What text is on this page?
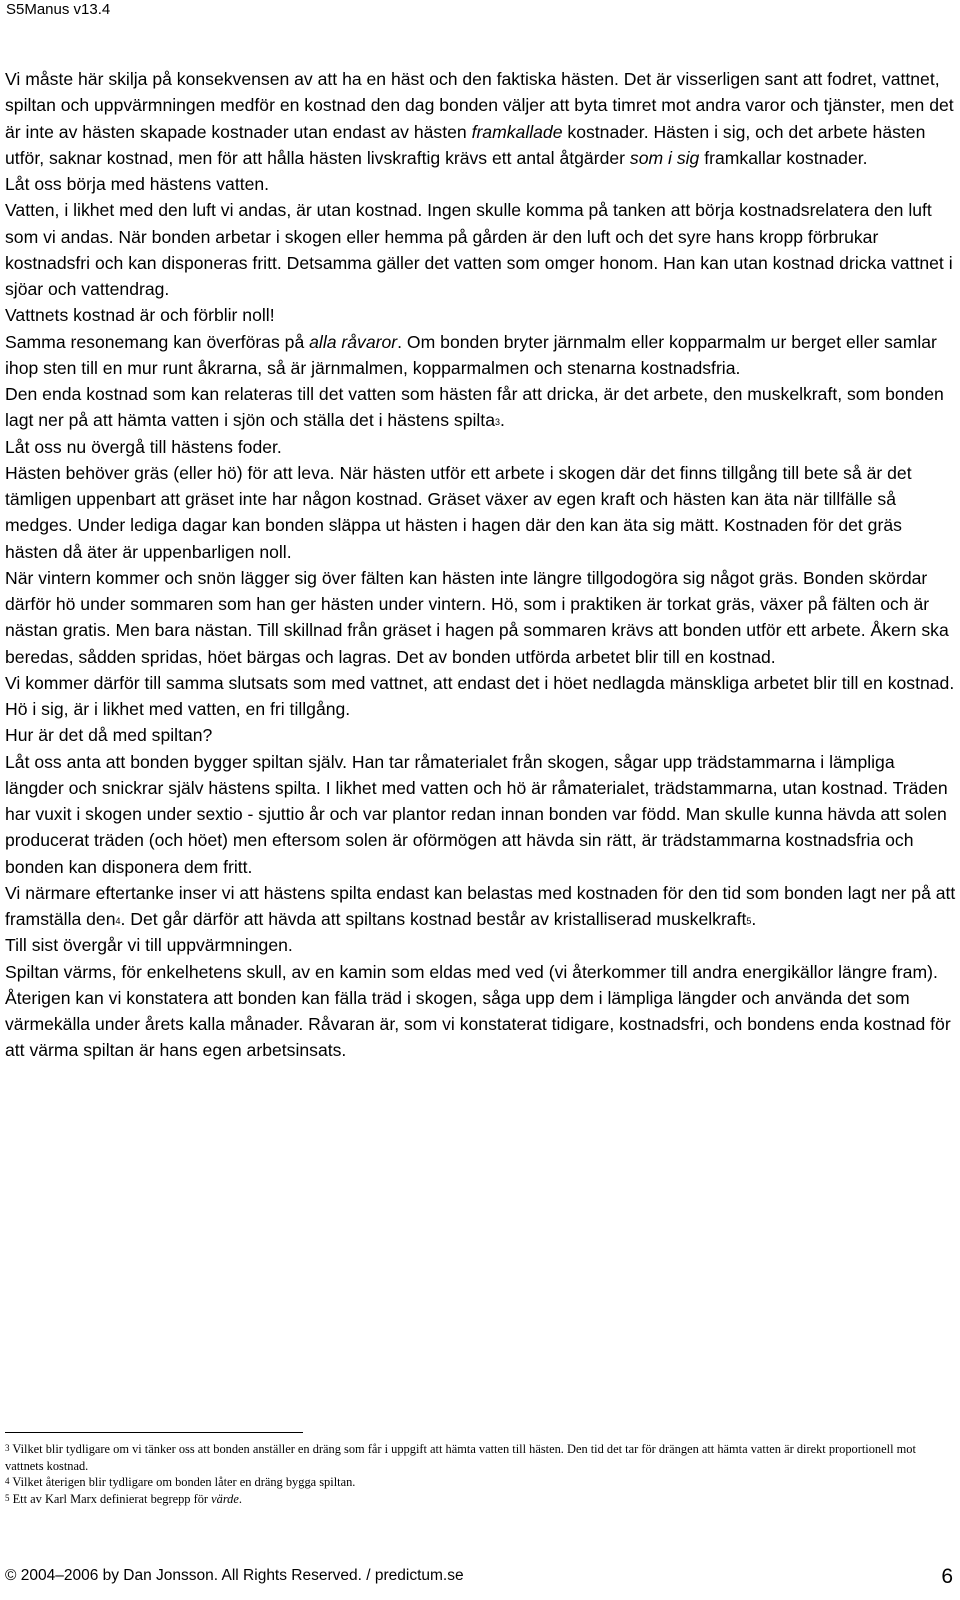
S5Manus v13.4

Vi måste här skilja på konsekvensen av att ha en häst och den faktiska hästen. Det är visserligen sant att fodret, vattnet, spiltan och uppvärmningen medför en kostnad den dag bonden väljer att byta timret mot andra varor och tjänster, men det är inte av hästen skapade kostnader utan endast av hästen framkallade kostnader. Hästen i sig, och det arbete hästen utför, saknar kostnad, men för att hålla hästen livskraftig krävs ett antal åtgärder som i sig framkallar kostnader.

Låt oss börja med hästens vatten.

Vatten, i likhet med den luft vi andas, är utan kostnad. Ingen skulle komma på tanken att börja kostnadsrelatera den luft som vi andas. När bonden arbetar i skogen eller hemma på gården är den luft och det syre hans kropp förbrukar kostnadsfri och kan disponeras fritt. Detsamma gäller det vatten som omger honom. Han kan utan kostnad dricka vattnet i sjöar och vattendrag.

Vattnets kostnad är och förblir noll!

Samma resonemang kan överföras på alla råvaror. Om bonden bryter järnmalm eller kopparmalm ur berget eller samlar ihop sten till en mur runt åkrarna, så är järnmalmen, kopparmalmen och stenarna kostnadsfria.

Den enda kostnad som kan relateras till det vatten som hästen får att dricka, är det arbete, den muskelkraft, som bonden lagt ner på att hämta vatten i sjön och ställa det i hästens spilta$^3$.

Låt oss nu övergå till hästens foder.

Hästen behöver gräs (eller hö) för att leva. När hästen utför ett arbete i skogen där det finns tillgång till bete så är det tämligen uppenbart att gräset inte har någon kostnad. Gräset växer av egen kraft och hästen kan äta när tillfälle så medges. Under lediga dagar kan bonden släppa ut hästen i hagen där den kan äta sig mätt. Kostnaden för det gräs hästen då äter är uppenbarligen noll.

När vintern kommer och snön lägger sig över fälten kan hästen inte längre tillgodogöra sig något gräs. Bonden skördar därför hö under sommaren som han ger hästen under vintern. Hö, som i praktiken är torkat gräs, växer på fälten och är nästan gratis. Men bara nästan. Till skillnad från gräset i hagen på sommaren krävs att bonden utför ett arbete. Åkern ska beredas, sådden spridas, höet bärgas och lagras. Det av bonden utförda arbetet blir till en kostnad.

Vi kommer därför till samma slutsats som med vattnet, att endast det i höet nedlagda mänskliga arbetet blir till en kostnad. Hö i sig, är i likhet med vatten, en fri tillgång.

Hur är det då med spiltan?

Låt oss anta att bonden bygger spiltan själv. Han tar råmaterialet från skogen, sågar upp trädstammarna i lämpliga längder och snickrar själv hästens spilta. I likhet med vatten och hö är råmaterialet, trädstammarna, utan kostnad. Träden har vuxit i skogen under sextio - sjuttio år och var plantor redan innan bonden var född. Man skulle kunna hävda att solen producerat träden (och höet) men eftersom solen är oförmögen att hävda sin rätt, är trädstammarna kostnadsfria och bonden kan disponera dem fritt.

Vi närmare eftertanke inser vi att hästens spilta endast kan belastas med kostnaden för den tid som bonden lagt ner på att framställa den$^4$. Det går därför att hävda att spiltans kostnad består av kristalliserad muskelkraft$^5$.

Till sist övergår vi till uppvärmningen.

Spiltan värms, för enkelhetens skull, av en kamin som eldas med ved (vi återkommer till andra energikällor längre fram). Återigen kan vi konstatera att bonden kan fälla träd i skogen, såga upp dem i lämpliga längder och använda det som värmekälla under årets kalla månader. Råvaran är, som vi konstaterat tidigare, kostnadsfri, och bondens enda kostnad för att värma spiltan är hans egen arbetsinsats.

$^3$ Vilket blir tydligare om vi tänker oss att bonden anställer en dräng som får i uppgift att hämta vatten till hästen. Den tid det tar för drängen att hämta vatten är direkt proportionell mot vattnets kostnad.

$^4$ Vilket återigen blir tydligare om bonden låter en dräng bygga spiltan.

$^5$ Ett av Karl Marx definierat begrepp för värde.

© 2004–2006 by Dan Jonsson. All Rights Reserved. / predictum.se	6
